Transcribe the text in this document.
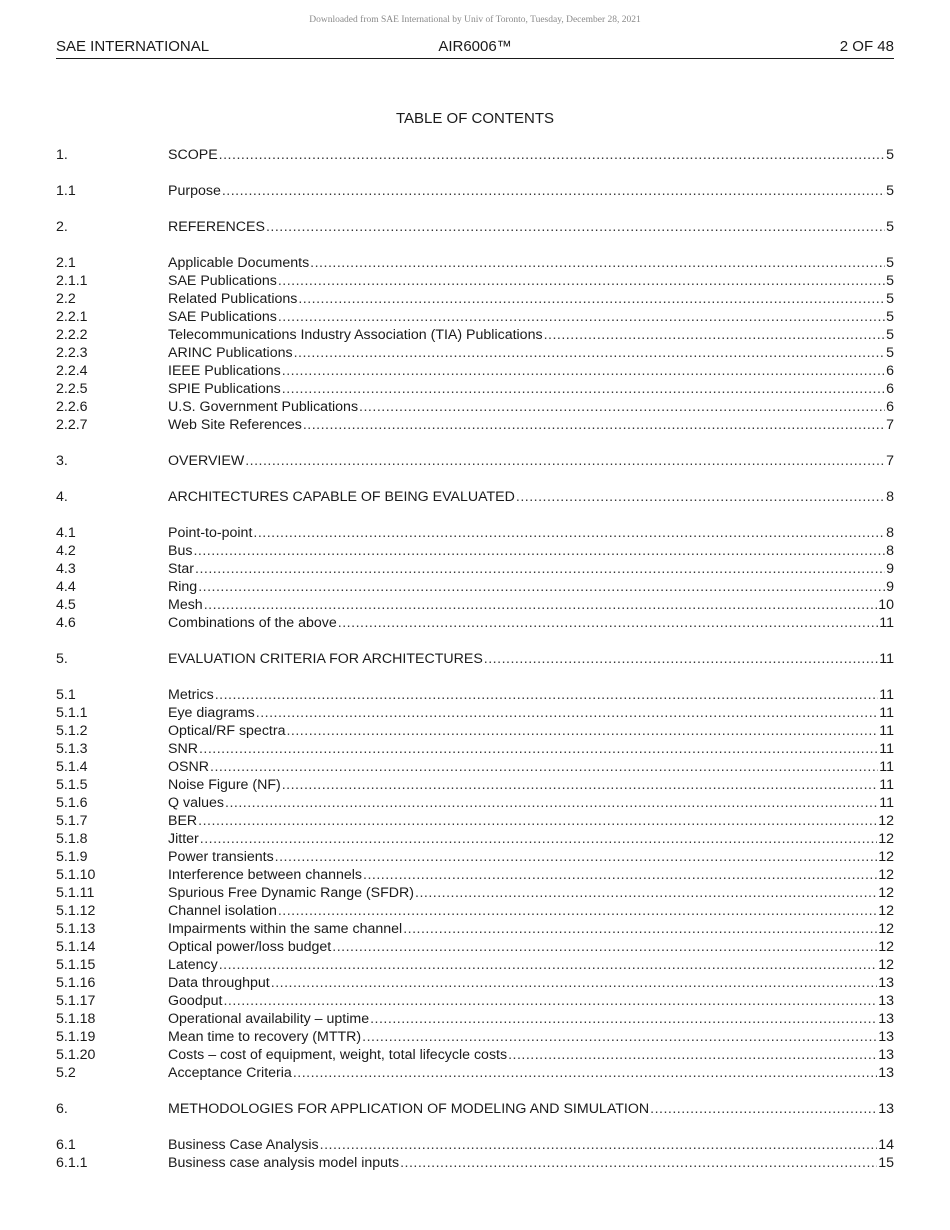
Downloaded from SAE International by Univ of Toronto, Tuesday, December 28, 2021
SAE INTERNATIONAL	AIR6006™	2 OF 48
TABLE OF CONTENTS
1.	SCOPE .....	5
1.1	Purpose .....	5
2.	REFERENCES .....	5
2.1	Applicable Documents .....	5
2.1.1	SAE Publications .....	5
2.2	Related Publications .....	5
2.2.1	SAE Publications .....	5
2.2.2	Telecommunications Industry Association (TIA) Publications .....	5
2.2.3	ARINC Publications .....	5
2.2.4	IEEE Publications .....	6
2.2.5	SPIE Publications .....	6
2.2.6	U.S. Government Publications .....	6
2.2.7	Web Site References .....	7
3.	OVERVIEW .....	7
4.	ARCHITECTURES CAPABLE OF BEING EVALUATED .....	8
4.1	Point-to-point .....	8
4.2	Bus .....	8
4.3	Star .....	9
4.4	Ring .....	9
4.5	Mesh .....	10
4.6	Combinations of the above .....	11
5.	EVALUATION CRITERIA FOR ARCHITECTURES .....	11
5.1	Metrics .....	11
5.1.1	Eye diagrams .....	11
5.1.2	Optical/RF spectra .....	11
5.1.3	SNR .....	11
5.1.4	OSNR .....	11
5.1.5	Noise Figure (NF) .....	11
5.1.6	Q values .....	11
5.1.7	BER .....	12
5.1.8	Jitter .....	12
5.1.9	Power transients .....	12
5.1.10	Interference between channels .....	12
5.1.11	Spurious Free Dynamic Range (SFDR) .....	12
5.1.12	Channel isolation .....	12
5.1.13	Impairments within the same channel .....	12
5.1.14	Optical power/loss budget .....	12
5.1.15	Latency .....	12
5.1.16	Data throughput .....	13
5.1.17	Goodput .....	13
5.1.18	Operational availability – uptime .....	13
5.1.19	Mean time to recovery (MTTR) .....	13
5.1.20	Costs – cost of equipment, weight, total lifecycle costs .....	13
5.2	Acceptance Criteria .....	13
6.	METHODOLOGIES FOR APPLICATION OF MODELING AND SIMULATION .....	13
6.1	Business Case Analysis .....	14
6.1.1	Business case analysis model inputs .....	15
